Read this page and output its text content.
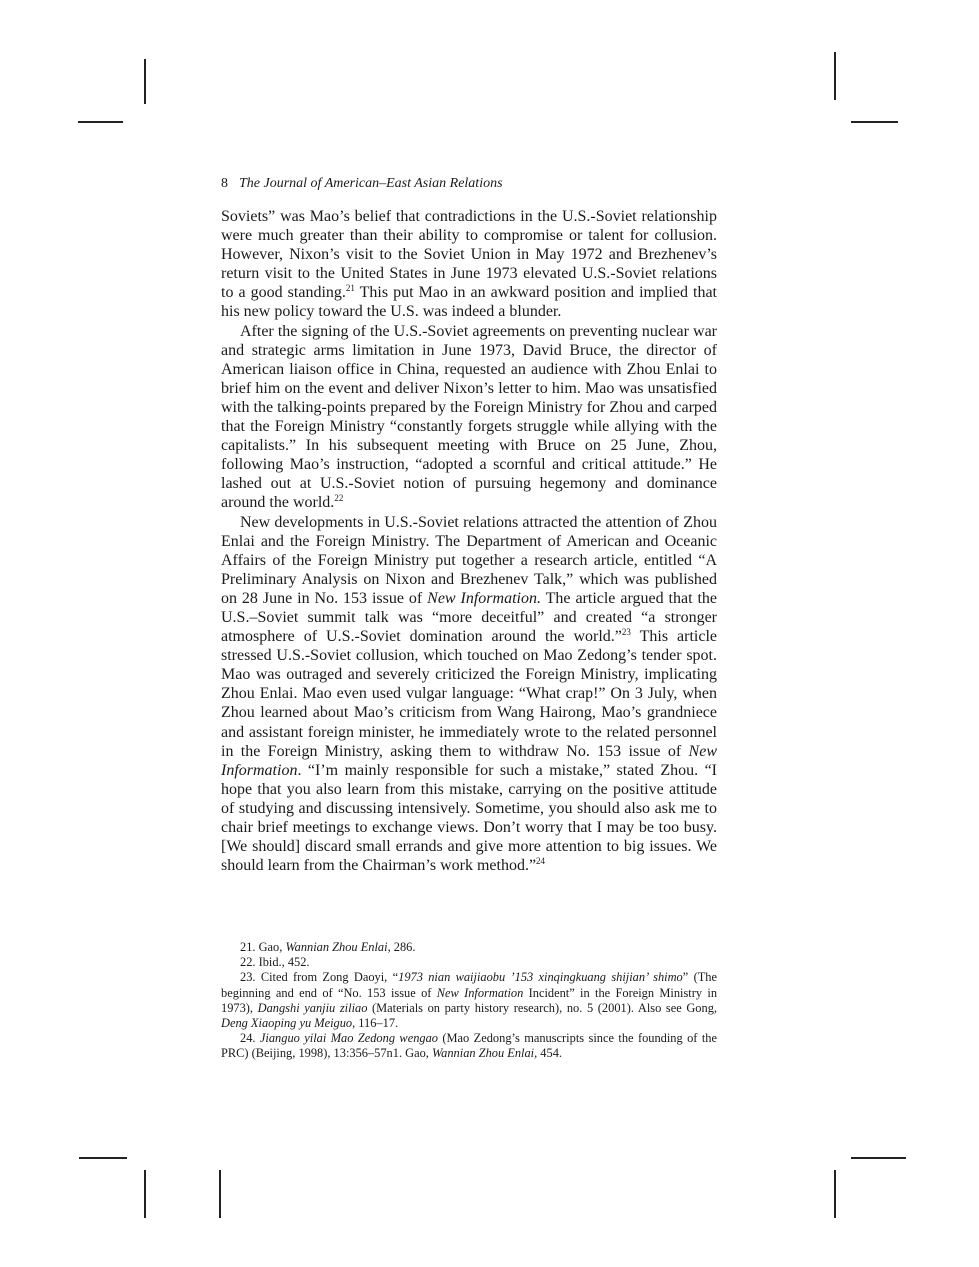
8 The Journal of American–East Asian Relations

Soviets” was Mao’s belief that contradictions in the U.S.-Soviet relationship were much greater than their ability to compromise or talent for collusion. However, Nixon’s visit to the Soviet Union in May 1972 and Brezhenev’s return visit to the United States in June 1973 elevated U.S.-Soviet relations to a good standing.$^{21}$ This put Mao in an awkward position and implied that his new policy toward the U.S. was indeed a blunder.

After the signing of the U.S.-Soviet agreements on preventing nuclear war and strategic arms limitation in June 1973, David Bruce, the director of American liaison office in China, requested an audience with Zhou Enlai to brief him on the event and deliver Nixon’s letter to him. Mao was unsatisfied with the talking-points prepared by the Foreign Ministry for Zhou and carped that the Foreign Ministry “constantly forgets struggle while allying with the capitalists.” In his subsequent meeting with Bruce on 25 June, Zhou, following Mao’s instruction, “adopted a scornful and critical attitude.” He lashed out at U.S.-Soviet notion of pursuing hegemony and dominance around the world.$^{22}$

New developments in U.S.-Soviet relations attracted the attention of Zhou Enlai and the Foreign Ministry. The Department of American and Oceanic Affairs of the Foreign Ministry put together a research article, entitled “A Preliminary Analysis on Nixon and Brezhenev Talk,” which was published on 28 June in No. 153 issue of New Information. The article argued that the U.S.–Soviet summit talk was “more deceitful” and created “a stronger atmosphere of U.S.-Soviet domination around the world.”$^{23}$ This article stressed U.S.-Soviet collusion, which touched on Mao Zedong’s tender spot. Mao was outraged and severely criticized the Foreign Ministry, implicating Zhou Enlai. Mao even used vulgar language: “What crap!” On 3 July, when Zhou learned about Mao’s criticism from Wang Hairong, Mao’s grandniece and assistant foreign minister, he immediately wrote to the related personnel in the Foreign Ministry, asking them to withdraw No. 153 issue of New Information. “I’m mainly responsible for such a mistake,” stated Zhou. “I hope that you also learn from this mistake, carrying on the positive attitude of studying and discussing intensively. Sometime, you should also ask me to chair brief meetings to exchange views. Don’t worry that I may be too busy. [We should] discard small errands and give more attention to big issues. We should learn from the Chairman’s work method.”$^{24}$

21. Gao, Wannian Zhou Enlai, 286.

22. Ibid., 452.

23. Cited from Zong Daoyi, “1973 nian waijiaobu ’153 xinqingkuang shijian’ shimo” (The beginning and end of “No. 153 issue of New Information Incident” in the Foreign Ministry in 1973), Dangshi yanjiu ziliao (Materials on party history research), no. 5 (2001). Also see Gong, Deng Xiaoping yu Meiguo, 116–17.

24. Jianguo yilai Mao Zedong wengao (Mao Zedong’s manuscripts since the founding of the PRC) (Beijing, 1998), 13:356–57n1. Gao, Wannian Zhou Enlai, 454.
